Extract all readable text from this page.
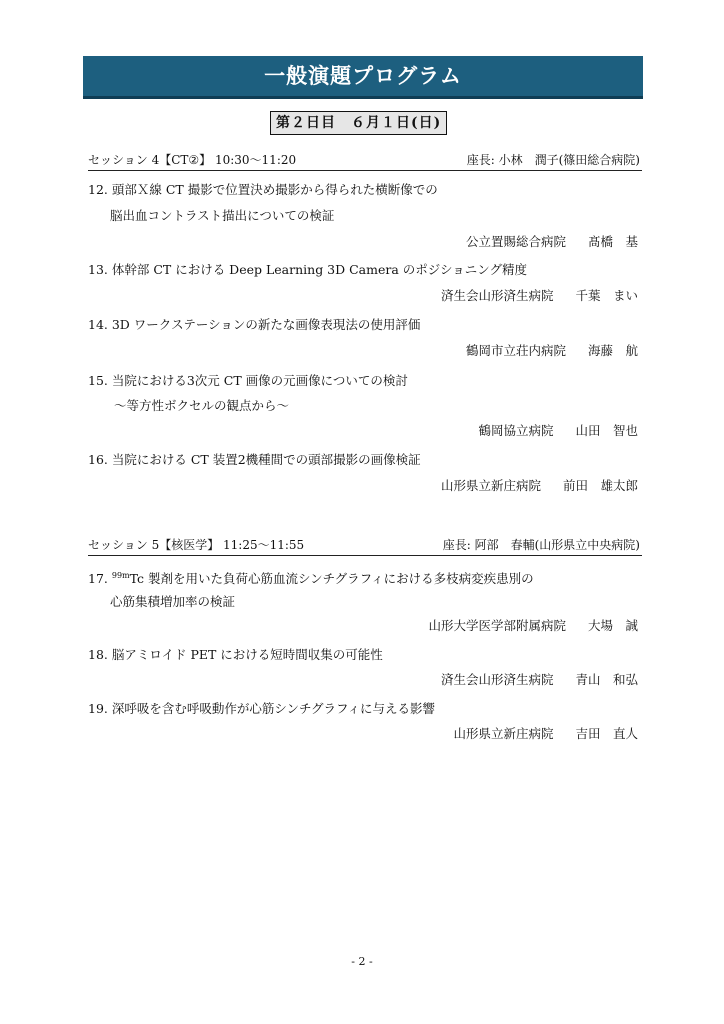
一般演題プログラム
第２日目　６月１日(日)
セッション 4【CT②】 10:30〜11:20	座長: 小林　潤子(篠田総合病院)
12. 頭部Ｘ線 CT 撮影で位置決め撮影から得られた横断像での
脳出血コントラスト描出についての検証
公立置賜総合病院 髙橋　基
13. 体幹部 CT における Deep Learning 3D Camera のポジショニング精度
済生会山形済生病院 千葉　まい
14. 3D ワークステーションの新たな画像表現法の使用評価
鶴岡市立荘内病院 海藤　航
15. 当院における3次元 CT 画像の元画像についての検討
〜等方性ボクセルの観点から〜
鶴岡協立病院 山田　智也
16. 当院における CT 装置2機種間での頭部撮影の画像検証
山形県立新庄病院 前田　雄太郎
セッション 5【核医学】 11:25〜11:55	座長: 阿部　春輔(山形県立中央病院)
17. $^{99m}$Tc 製剤を用いた負荷心筋血流シンチグラフィにおける多枝病変疾患別の
心筋集積増加率の検証
山形大学医学部附属病院 大場　誠
18. 脳アミロイド PET における短時間収集の可能性
済生会山形済生病院 青山　和弘
19. 深呼吸を含む呼吸動作が心筋シンチグラフィに与える影響
山形県立新庄病院 吉田　直人
- 2 -
